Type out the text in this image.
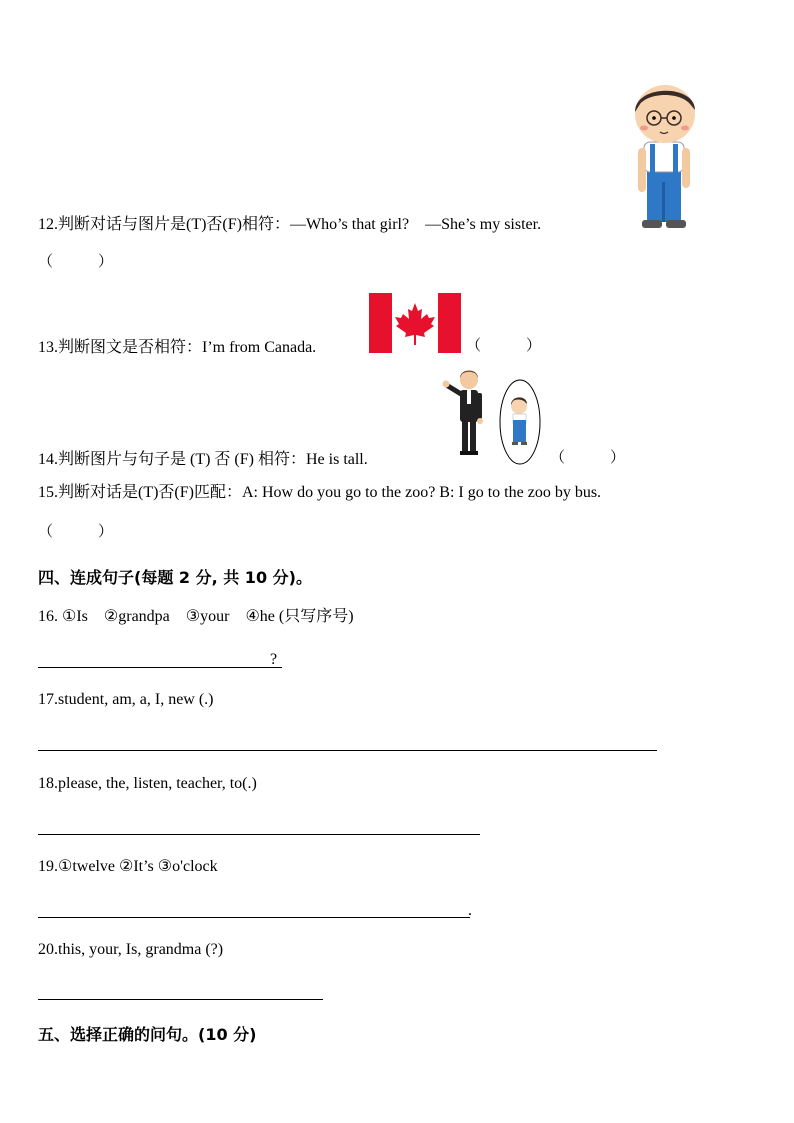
12.判断对话与图片是(T)否(F)相符：—Who’s that girl?　—She’s my sister.
（　　　）
13.判断图文是否相符：I’m from Canada.	（　　　）
14.判断图片与句子是 (T) 否 (F) 相符：He is tall.	（　　　）
15.判断对话是(T)否(F)匹配：A: How do you go to the zoo? B: I go to the zoo by bus.
（　　　）
四、连成句子(每题 2 分, 共 10 分)。
16. ①Is　②grandpa　③your　④he (只写序号)
?
17.student, am, a, I, new (.)
18.please, the, listen, teacher, to(.)
19.①twelve ②It’s ③o'clock
.
20.this, your, Is, grandma (?)
五、选择正确的问句。(10 分)
